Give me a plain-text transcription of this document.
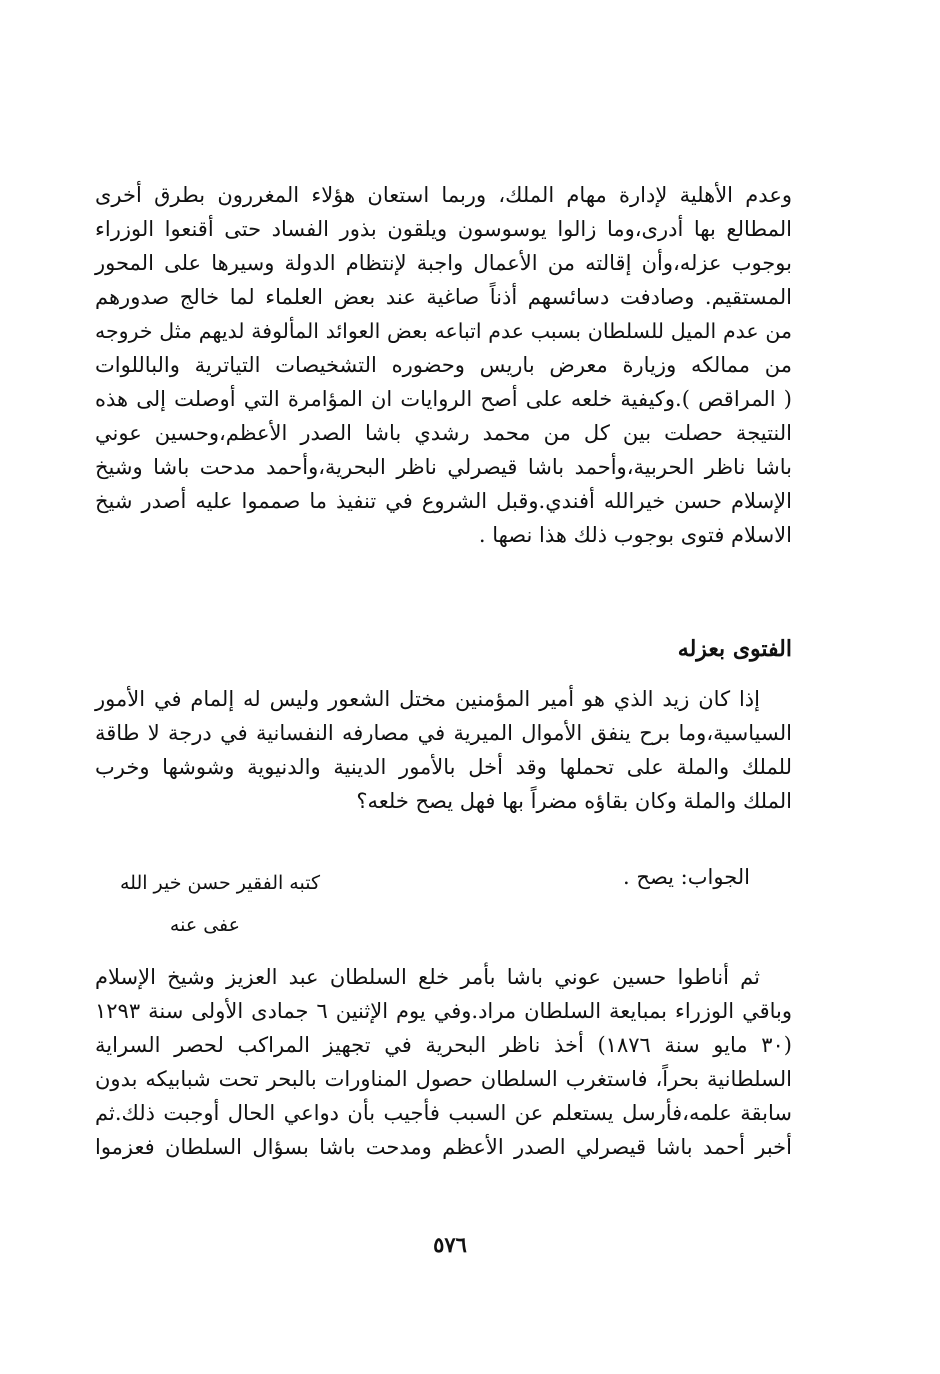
وعدم الأهلية لإدارة مهام الملك، وربما استعان هؤلاء المغررون بطرق أخرى
المطالع بها أدرى،وما زالوا يوسوسون ويلقون بذور الفساد حتى أقنعوا الوزراء
بوجوب عزله،وأن إقالته من الأعمال واجبة لإنتظام الدولة وسيرها على المحور
المستقيم. وصادفت دسائسهم أذناً صاغية عند بعض العلماء لما خالج صدورهم
من عدم الميل للسلطان بسبب عدم اتباعه بعض العوائد المألوفة لديهم مثل خروجه
من ممالكه وزيارة معرض باريس وحضوره التشخيصات التياترية والباللوات
( المراقص ).وكيفية خلعه على أصح الروايات ان المؤامرة التي أوصلت إلى هذه
النتيجة حصلت بين كل من محمد رشدي باشا الصدر الأعظم،وحسين عوني
باشا ناظر الحربية،وأحمد باشا قيصرلي ناظر البحرية،وأحمد مدحت باشا وشيخ
الإسلام حسن خيرالله أفندي.وقبل الشروع في تنفيذ ما صمموا عليه أصدر شيخ
الاسلام فتوى بوجوب ذلك هذا نصها .
الفتوى بعزله
إذا كان زيد الذي هو أمير المؤمنين مختل الشعور وليس له إلمام في الأمور
السياسية،وما برح ينفق الأموال الميرية في مصارفه النفسانية في درجة لا طاقة
للملك والملة على تحملها وقد أخل بالأمور الدينية والدنيوية وشوشها وخرب
الملك والملة وكان بقاؤه مضراً بها فهل يصح خلعه؟
الجواب: يصح .
كتبه الفقير حسن خير الله
عفى عنه
ثم أناطوا حسين عوني باشا بأمر خلع السلطان عبد العزيز وشيخ الإسلام
وباقي الوزراء بمبايعة السلطان مراد.وفي يوم الإثنين ٦ جمادى الأولى سنة ١٢٩٣
(٣٠ مايو سنة ١٨٧٦) أخذ ناظر البحرية في تجهيز المراكب لحصر السراية
السلطانية بحراً، فاستغرب السلطان حصول المناورات بالبحر تحت شبابيكه بدون
سابقة علمه،فأرسل يستعلم عن السبب فأجيب بأن دواعي الحال أوجبت ذلك.ثم
أخبر أحمد باشا قيصرلي الصدر الأعظم ومدحت باشا بسؤال السلطان فعزموا
٥٧٦
